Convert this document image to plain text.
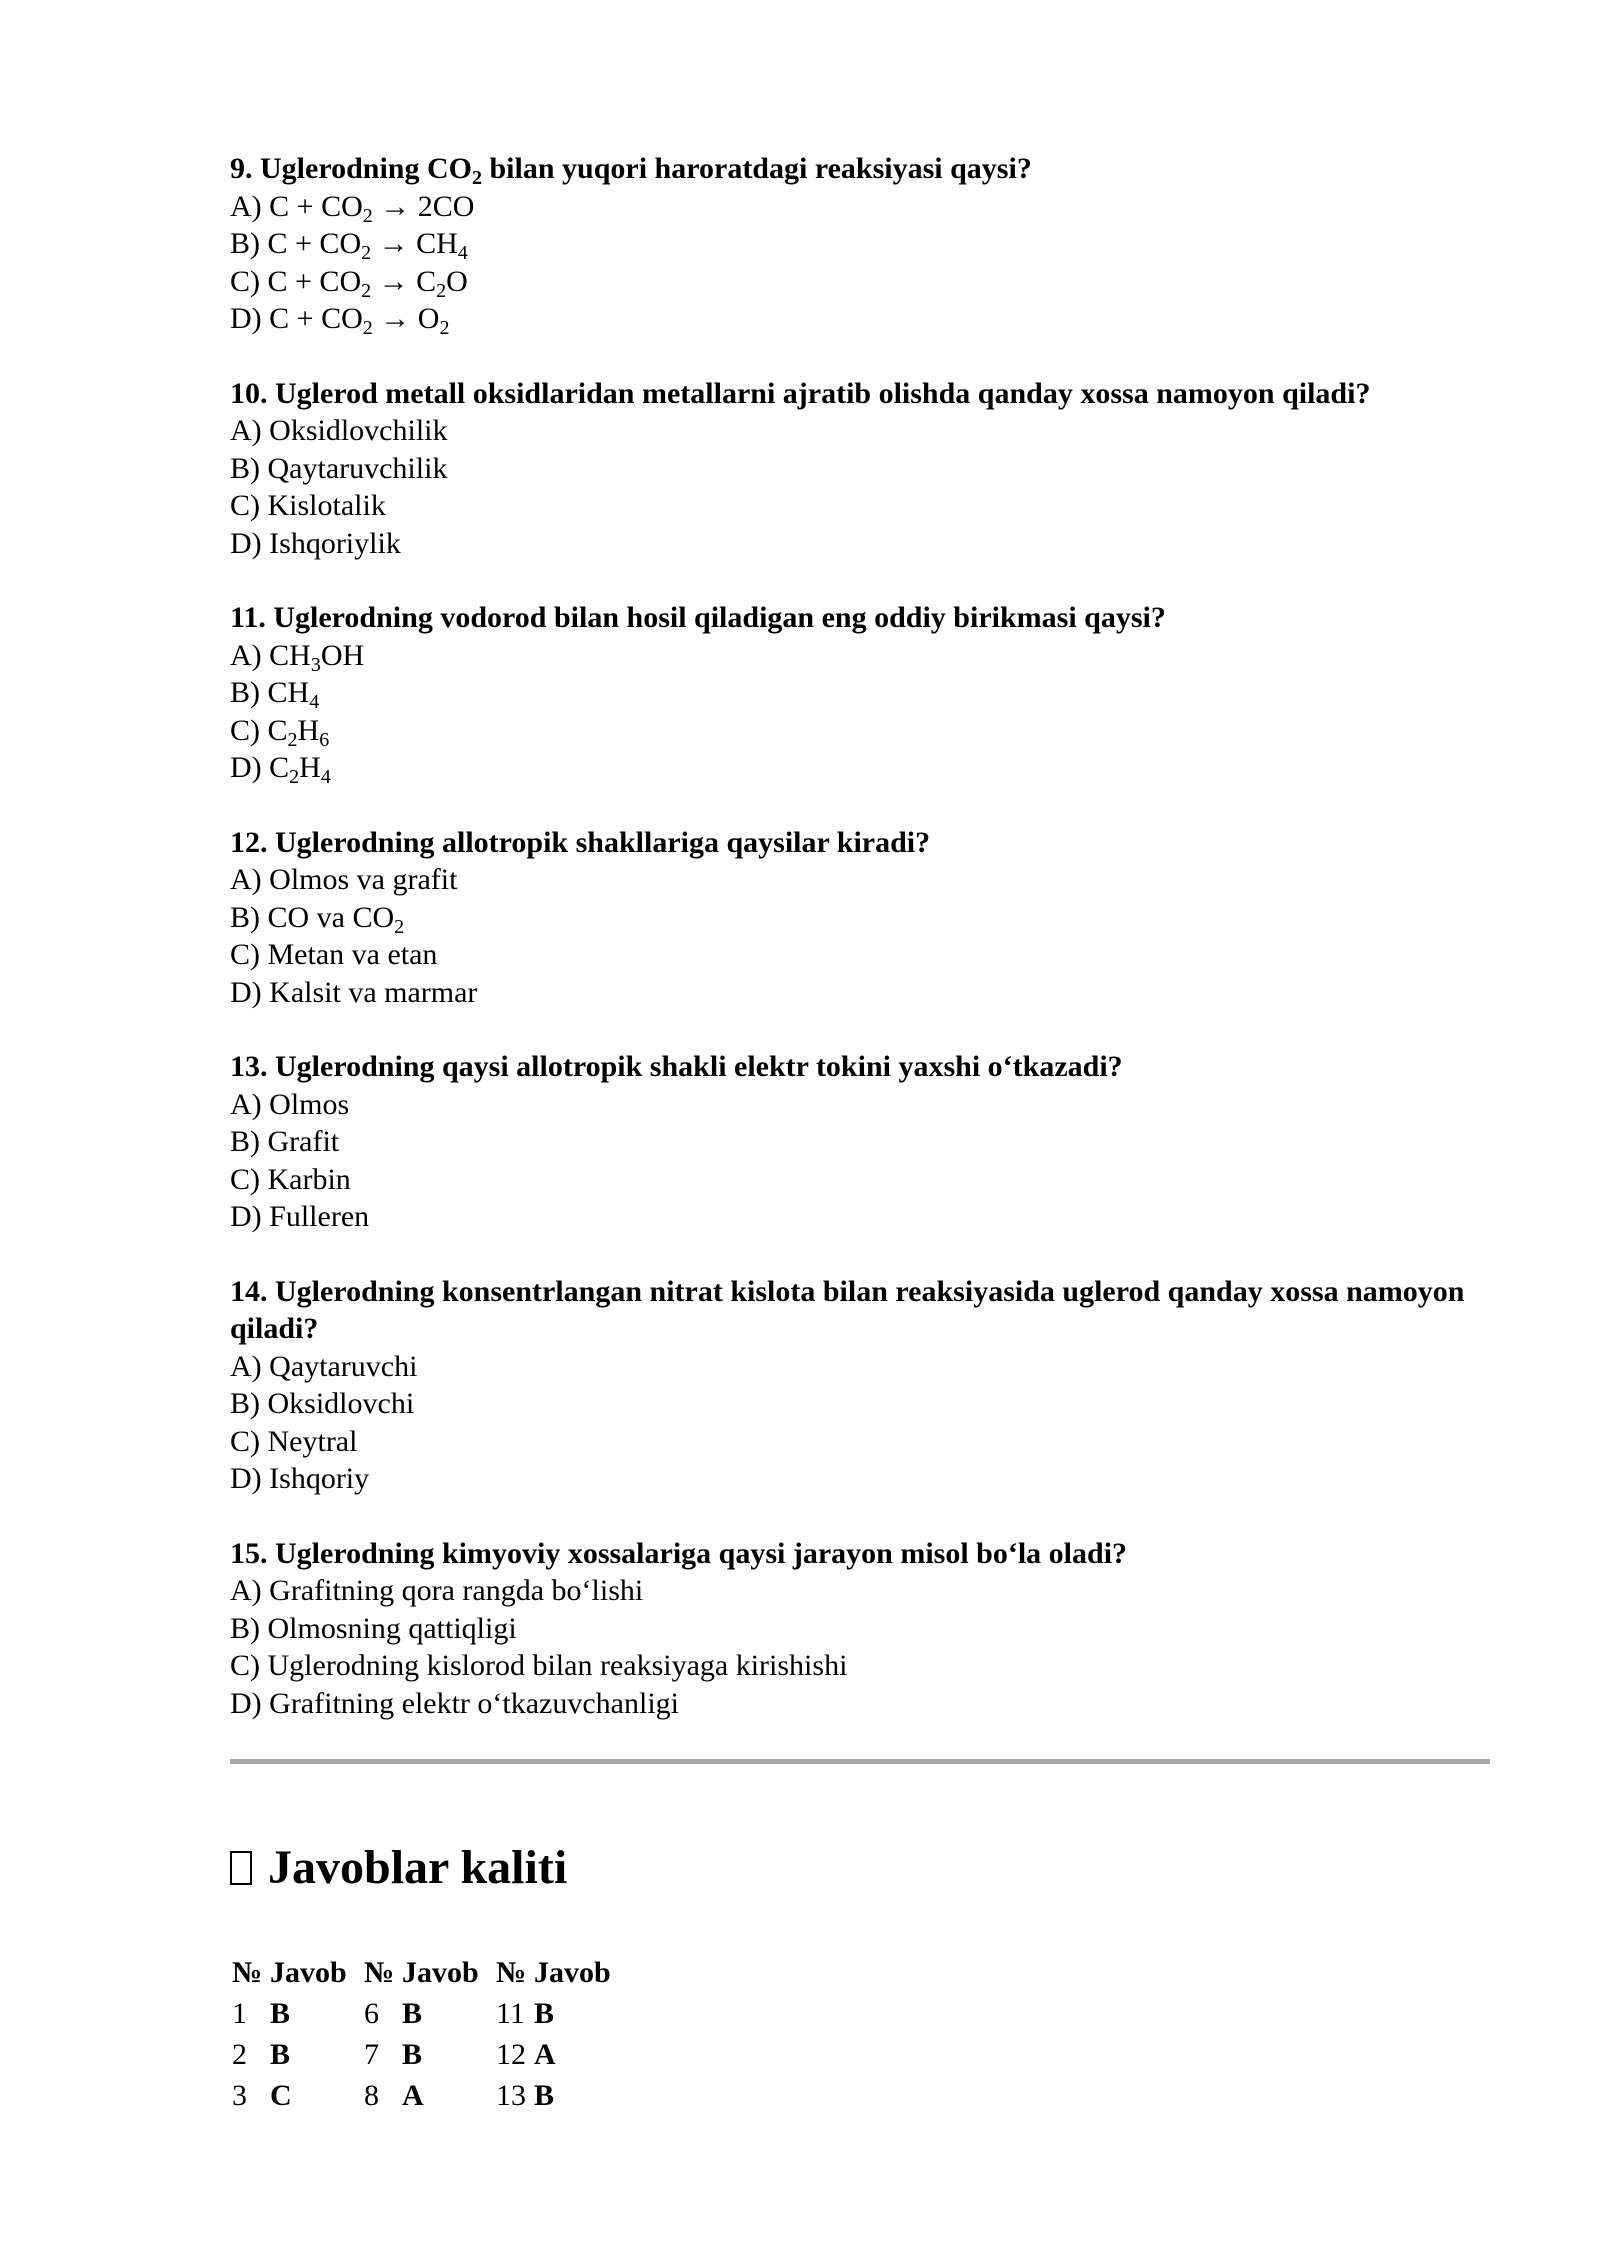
9. Uglerodning $CO_2$ bilan yuqori haroratdagi reaksiyasi qaysi?

A) $C + CO_2 \to 2CO$

B) $C + CO_2 \to CH_4$

C) $C + CO_2 \to C_2O$

D) $C + CO_2 \to O_2$

10. Uglerod metall oksidlaridan metallarni ajratib olishda qanday xossa namoyon qiladi?

A) Oksidlovchilik

B) Qaytaruvchilik

C) Kislotalik

D) Ishqoriylik

11. Uglerodning vodorod bilan hosil qiladigan eng oddiy birikmasi qaysi?

A) $CH_3OH$

B) $CH_4$

C) $C_2H_6$

D) $C_2H_4$

12. Uglerodning allotropik shakllariga qaysilar kiradi?

A) Olmos va grafit

B) CO va $CO_2$

C) Metan va etan

D) Kalsit va marmar

13. Uglerodning qaysi allotropik shakli elektr tokini yaxshi o‘tkazadi?

A) Olmos

B) Grafit

C) Karbin

D) Fulleren

14. Uglerodning konsentrlangan nitrat kislota bilan reaksiyasida uglerod qanday xossa namoyon qiladi?

A) Qaytaruvchi

B) Oksidlovchi

C) Neytral

D) Ishqoriy

15. Uglerodning kimyoviy xossalariga qaysi jarayon misol bo‘la oladi?

A) Grafitning qora rangda bo‘lishi

B) Olmosning qattiqligi

C) Uglerodning kislorod bilan reaksiyaga kirishishi

D) Grafitning elektr o‘tkazuvchanligi

Javoblar kaliti
№	Javob	№	Javob	№	Javob
1	B	6	B	11	B
2	B	7	B	12	A
3	C	8	A	13	B
